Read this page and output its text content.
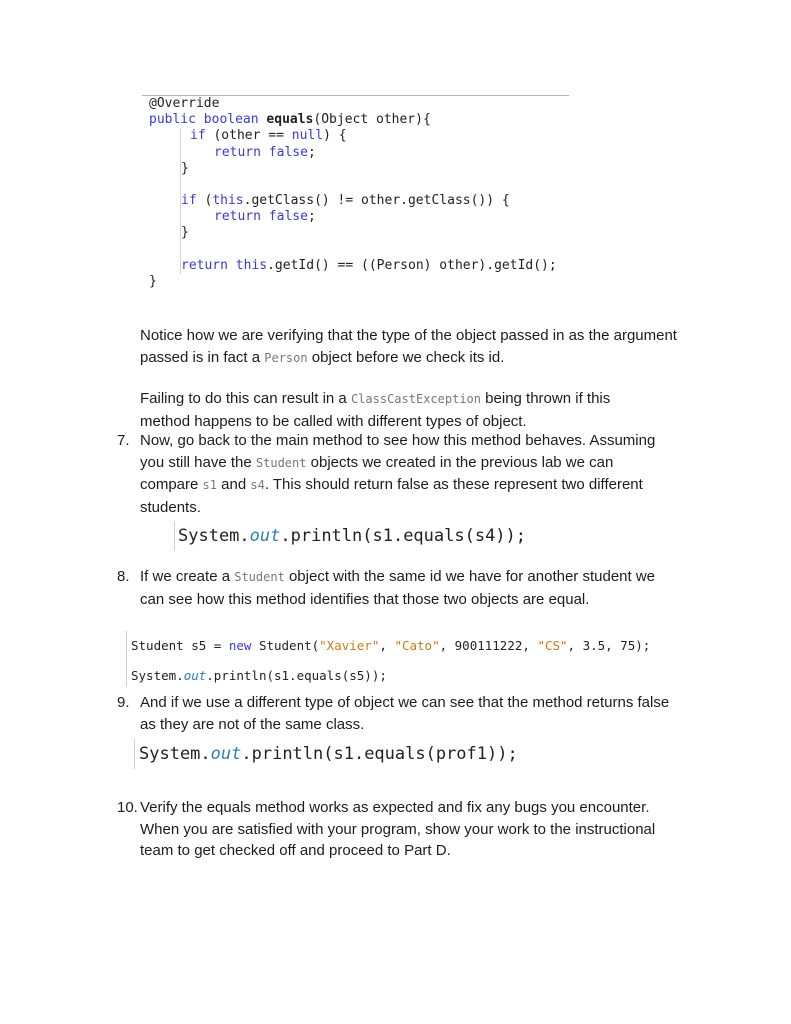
@Override
public boolean equals(Object other){
if (other == null) {
return false;
}
if (this.getClass() != other.getClass()) {
return false;
}
return this.getId() == ((Person) other).getId();
}
Notice how we are verifying that the type of the object passed in as the argument
passed is in fact a Person object before we check its id.
Failing to do this can result in a ClassCastException being thrown if this
method happens to be called with different types of object.
7. Now, go back to the main method to see how this method behaves. Assuming
you still have the Student objects we created in the previous lab we can
compare s1 and s4. This should return false as these represent two different
students.
System.out.println(s1.equals(s4));
8. If we create a Student object with the same id we have for another student we
can see how this method identifies that those two objects are equal.
Student s5 = new Student("Xavier", "Cato", 900111222, "CS", 3.5, 75);
System.out.println(s1.equals(s5));
9. And if we use a different type of object we can see that the method returns false
as they are not of the same class.
System.out.println(s1.equals(prof1));
10. Verify the equals method works as expected and fix any bugs you encounter.
When you are satisfied with your program, show your work to the instructional
team to get checked off and proceed to Part D.
